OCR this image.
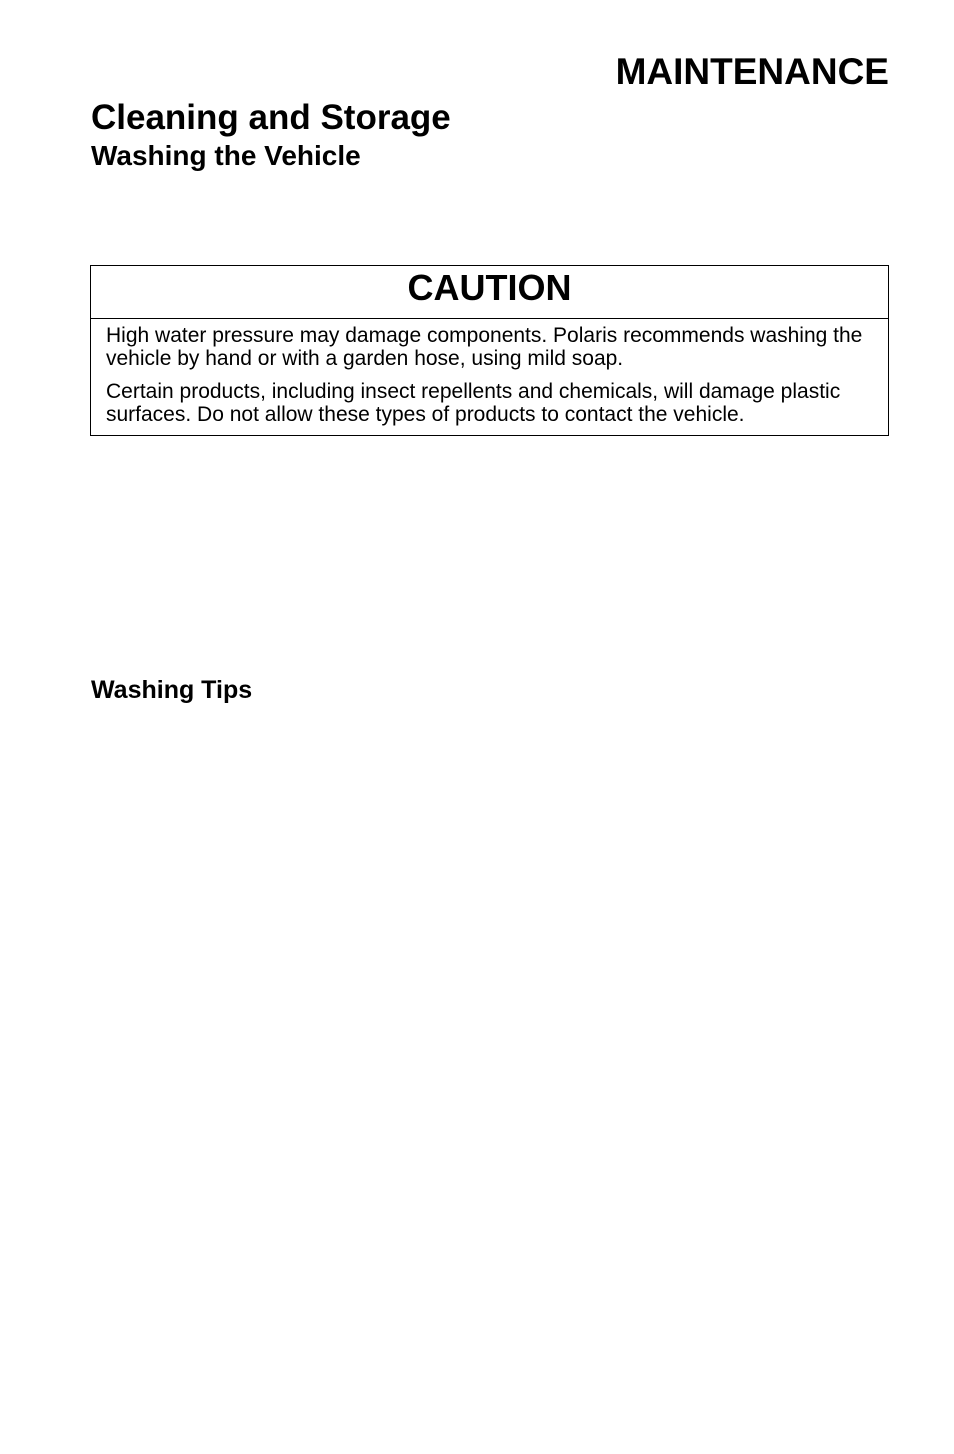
MAINTENANCE
Cleaning and Storage
Washing the Vehicle
CAUTION

High water pressure may damage components. Polaris recommends washing the vehicle by hand or with a garden hose, using mild soap.

Certain products, including insect repellents and chemicals, will damage plastic surfaces. Do not allow these types of products to contact the vehicle.

Washing Tips
